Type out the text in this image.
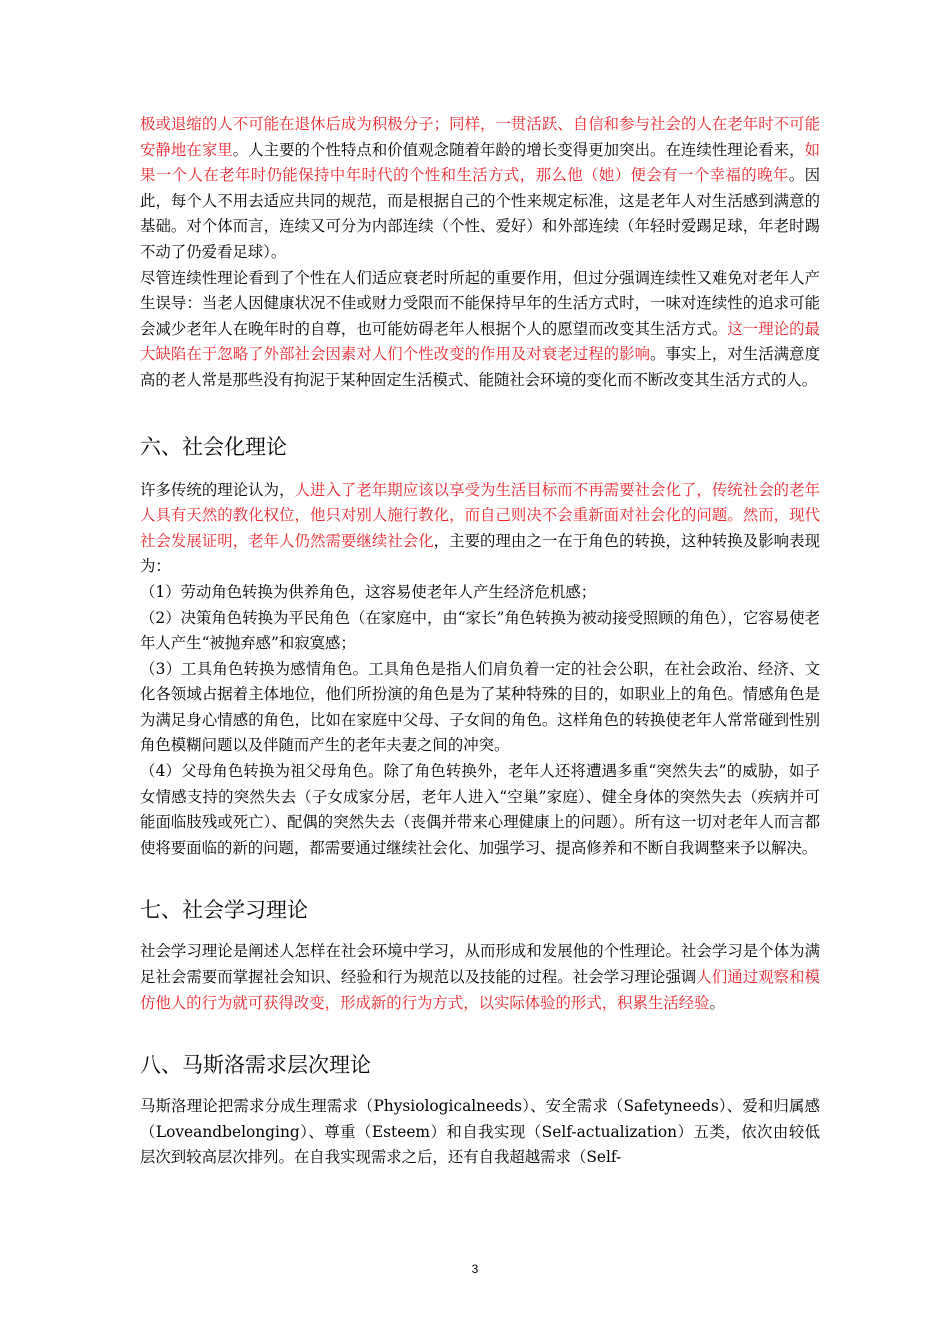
极或退缩的人不可能在退休后成为积极分子；同样，一贯活跃、自信和参与社会的人在老年时不可能安静地在家里。人主要的个性特点和价值观念随着年龄的增长变得更加突出。在连续性理论看来，如果一个人在老年时仍能保持中年时代的个性和生活方式，那么他（她）便会有一个幸福的晚年。因此，每个人不用去适应共同的规范，而是根据自己的个性来规定标准，这是老年人对生活感到满意的基础。对个体而言，连续又可分为内部连续（个性、爱好）和外部连续（年轻时爱踢足球，年老时踢不动了仍爱看足球）。

尽管连续性理论看到了个性在人们适应衰老时所起的重要作用，但过分强调连续性又难免对老年人产生误导：当老人因健康状况不佳或财力受限而不能保持早年的生活方式时，一味对连续性的追求可能会减少老年人在晚年时的自尊，也可能妨碍老年人根据个人的愿望而改变其生活方式。这一理论的最大缺陷在于忽略了外部社会因素对人们个性改变的作用及对衰老过程的影响。事实上，对生活满意度高的老人常是那些没有拘泥于某种固定生活模式、能随社会环境的变化而不断改变其生活方式的人。

六、社会化理论

许多传统的理论认为，人进入了老年期应该以享受为生活目标而不再需要社会化了，传统社会的老年人具有天然的教化权位，他只对别人施行教化，而自己则决不会重新面对社会化的问题。然而，现代社会发展证明，老年人仍然需要继续社会化，主要的理由之一在于角色的转换，这种转换及影响表现为：

（1）劳动角色转换为供养角色，这容易使老年人产生经济危机感；

（2）决策角色转换为平民角色（在家庭中，由“家长”角色转换为被动接受照顾的角色），它容易使老年人产生“被抛弃感”和寂寞感；

（3）工具角色转换为感情角色。工具角色是指人们肩负着一定的社会公职，在社会政治、经济、文化各领域占据着主体地位，他们所扮演的角色是为了某种特殊的目的，如职业上的角色。情感角色是为满足身心情感的角色，比如在家庭中父母、子女间的角色。这样角色的转换使老年人常常碰到性别角色模糊问题以及伴随而产生的老年夫妻之间的冲突。

（4）父母角色转换为祖父母角色。除了角色转换外，老年人还将遭遇多重“突然失去”的威胁，如子女情感支持的突然失去（子女成家分居，老年人进入“空巢”家庭）、健全身体的突然失去（疾病并可能面临肢残或死亡）、配偶的突然失去（丧偶并带来心理健康上的问题）。所有这一切对老年人而言都使将要面临的新的问题，都需要通过继续社会化、加强学习、提高修养和不断自我调整来予以解决。

七、社会学习理论

社会学习理论是阐述人怎样在社会环境中学习，从而形成和发展他的个性理论。社会学习是个体为满足社会需要而掌握社会知识、经验和行为规范以及技能的过程。社会学习理论强调人们通过观察和模仿他人的行为就可获得改变，形成新的行为方式，以实际体验的形式，积累生活经验。

八、马斯洛需求层次理论

马斯洛理论把需求分成生理需求（Physiologicalneeds）、安全需求（Safetyneeds）、爱和归属感（Loveandbelonging）、尊重（Esteem）和自我实现（Self-actualization）五类，依次由较低层次到较高层次排列。在自我实现需求之后，还有自我超越需求（Self-

3
